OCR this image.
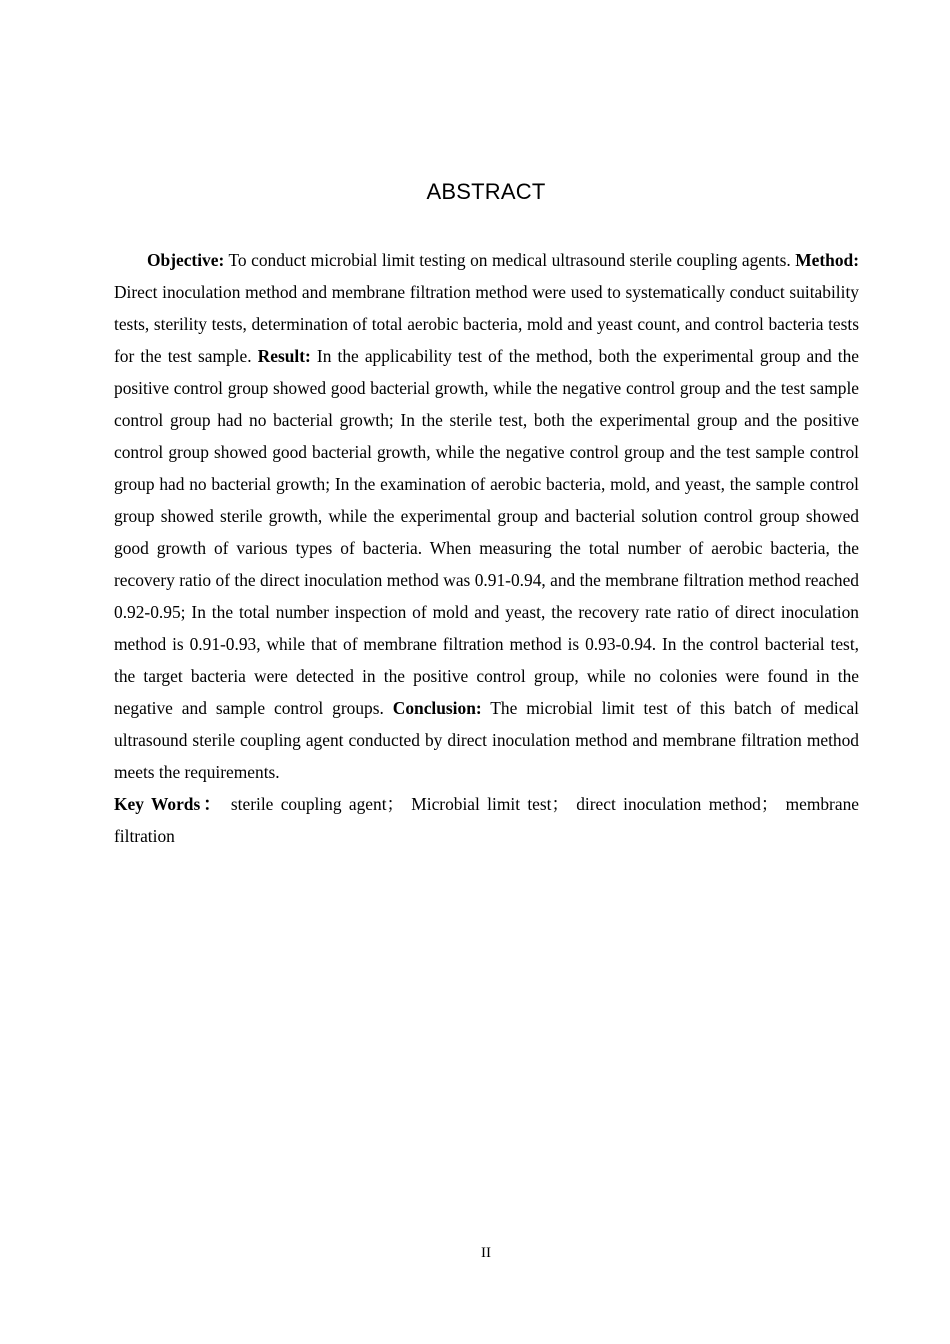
ABSTRACT

Objective: To conduct microbial limit testing on medical ultrasound sterile coupling agents. Method: Direct inoculation method and membrane filtration method were used to systematically conduct suitability tests, sterility tests, determination of total aerobic bacteria, mold and yeast count, and control bacteria tests for the test sample. Result: In the applicability test of the method, both the experimental group and the positive control group showed good bacterial growth, while the negative control group and the test sample control group had no bacterial growth; In the sterile test, both the experimental group and the positive control group showed good bacterial growth, while the negative control group and the test sample control group had no bacterial growth; In the examination of aerobic bacteria, mold, and yeast, the sample control group showed sterile growth, while the experimental group and bacterial solution control group showed good growth of various types of bacteria. When measuring the total number of aerobic bacteria, the recovery ratio of the direct inoculation method was 0.91-0.94, and the membrane filtration method reached 0.92-0.95; In the total number inspection of mold and yeast, the recovery rate ratio of direct inoculation method is 0.91-0.93, while that of membrane filtration method is 0.93-0.94. In the control bacterial test, the target bacteria were detected in the positive control group, while no colonies were found in the negative and sample control groups. Conclusion: The microbial limit test of this batch of medical ultrasound sterile coupling agent conducted by direct inoculation method and membrane filtration method meets the requirements.

Key Words： sterile coupling agent； Microbial limit test； direct inoculation method； membrane filtration
II
